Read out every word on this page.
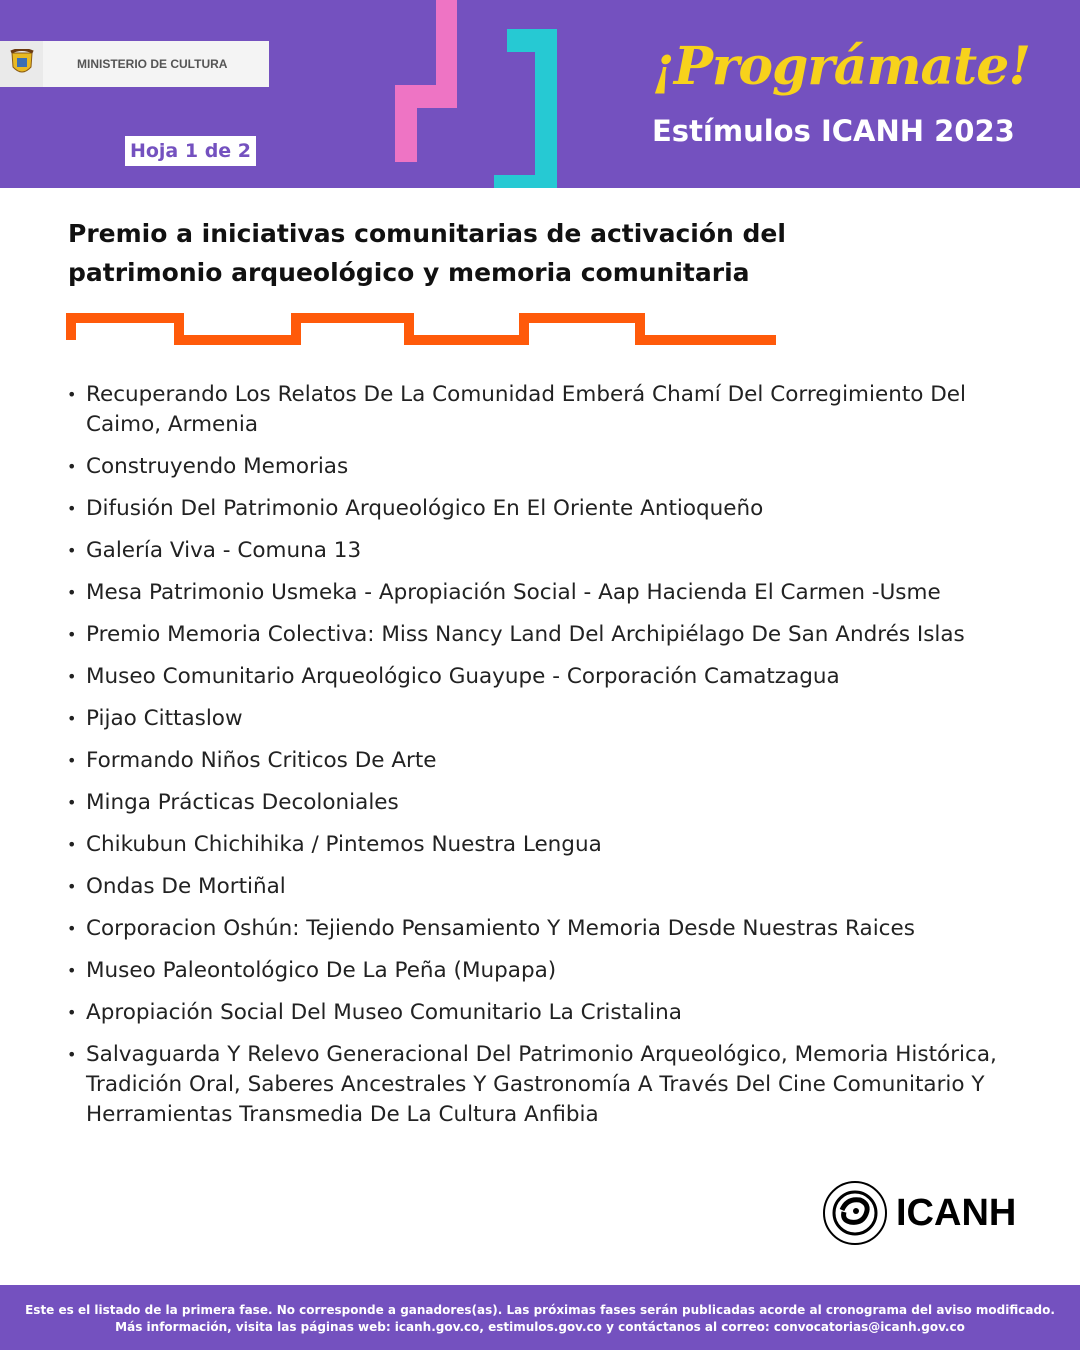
MINISTERIO DE CULTURA
Hoja 1 de 2
¡Prográmate!
Estímulos ICANH 2023
Premio a iniciativas comunitarias de activación del patrimonio arqueológico y memoria comunitaria
• Recuperando Los Relatos De La Comunidad Emberá Chamí Del Corregimiento Del Caimo, Armenia
• Construyendo Memorias
• Difusión Del Patrimonio Arqueológico En El Oriente Antioqueño
• Galería Viva - Comuna 13
• Mesa Patrimonio Usmeka - Apropiación Social - Aap Hacienda El Carmen -Usme
• Premio Memoria Colectiva: Miss Nancy Land Del Archipiélago De San Andrés Islas
• Museo Comunitario Arqueológico Guayupe - Corporación Camatzagua
• Pijao Cittaslow
• Formando Niños Criticos De Arte
• Minga Prácticas Decoloniales
• Chikubun Chichihika / Pintemos Nuestra Lengua
• Ondas De Mortiñal
• Corporacion Oshún: Tejiendo Pensamiento Y Memoria Desde Nuestras Raices
• Museo Paleontológico De La Peña (Mupapa)
• Apropiación Social Del Museo Comunitario La Cristalina
• Salvaguarda Y Relevo Generacional Del Patrimonio Arqueológico, Memoria Histórica, Tradición Oral, Saberes Ancestrales Y Gastronomía A Través Del Cine Comunitario Y Herramientas Transmedia De La Cultura Anfibia
ICANH
Este es el listado de la primera fase. No corresponde a ganadores(as). Las próximas fases serán publicadas acorde al cronograma del aviso modificado.
Más información, visita las páginas web: icanh.gov.co, estimulos.gov.co y contáctanos al correo: convocatorias@icanh.gov.co
